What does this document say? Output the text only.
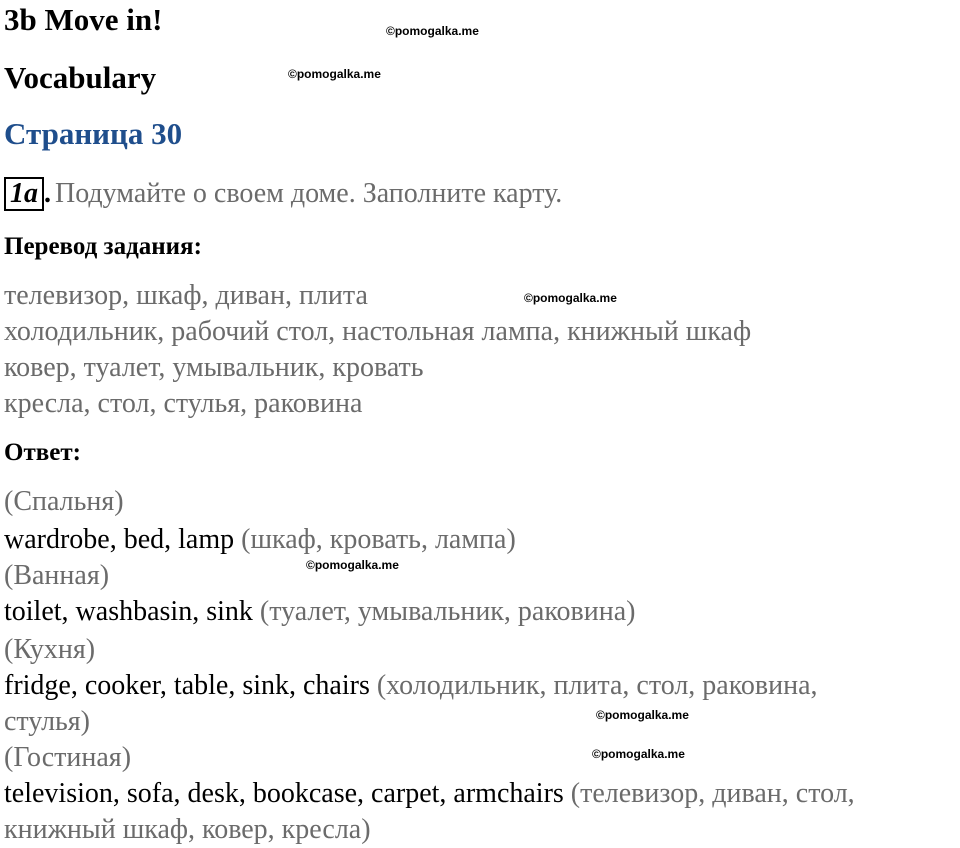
3b Move in!	©pomogalka.me
Vocabulary	©pomogalka.me
Страница 30
1a . Подумайте о своем доме. Заполните карту.
Перевод задания:
телевизор, шкаф, диван, плита	©pomogalka.me
холодильник, рабочий стол, настольная лампа, книжный шкаф
ковер, туалет, умывальник, кровать
кресла, стол, стулья, раковина
Ответ:
(Спальня)
wardrobe, bed, lamp (шкаф, кровать, лампа)
(Ванная)	©pomogalka.me
toilet, washbasin, sink (туалет, умывальник, раковина)
(Кухня)
fridge, cooker, table, sink, chairs (холодильник, плита, стол, раковина,
стулья)	©pomogalka.me
(Гостиная)	©pomogalka.me
television, sofa, desk, bookcase, carpet, armchairs (телевизор, диван, стол,
книжный шкаф, ковер, кресла)
